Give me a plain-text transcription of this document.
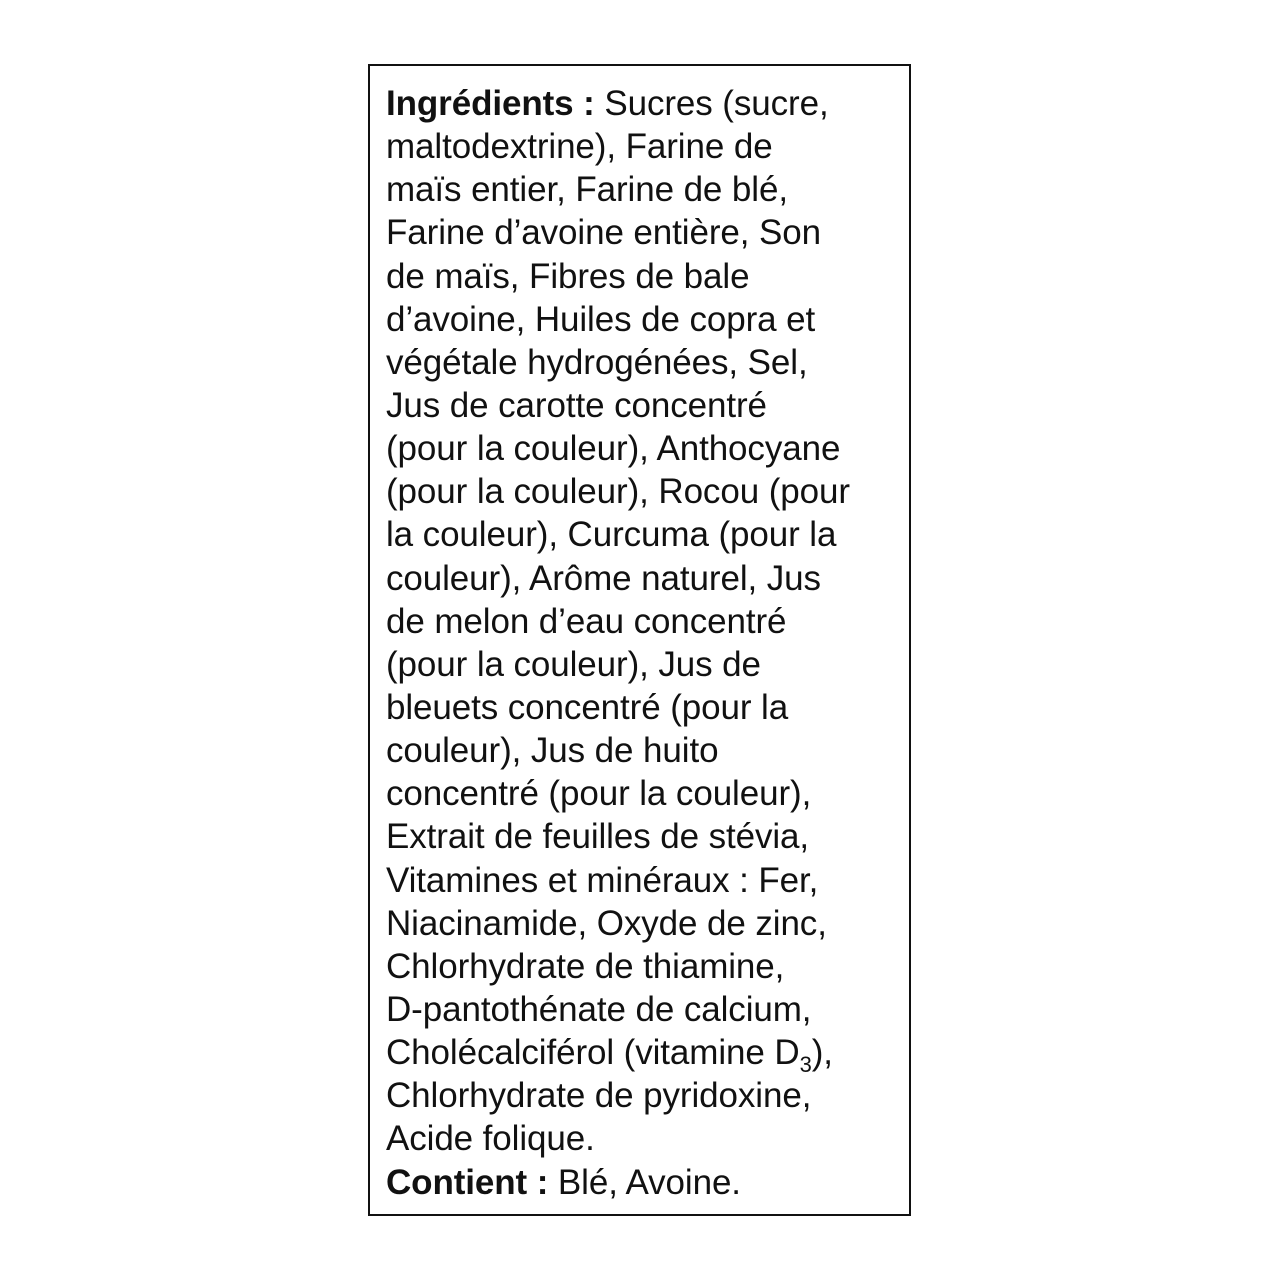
Ingrédients : Sucres (sucre,
maltodextrine), Farine de
maïs entier, Farine de blé,
Farine d’avoine entière, Son
de maïs, Fibres de bale
d’avoine, Huiles de copra et
végétale hydrogénées, Sel,
Jus de carotte concentré
(pour la couleur), Anthocyane
(pour la couleur), Rocou (pour
la couleur), Curcuma (pour la
couleur), Arôme naturel, Jus
de melon d’eau concentré
(pour la couleur), Jus de
bleuets concentré (pour la
couleur), Jus de huito
concentré (pour la couleur),
Extrait de feuilles de stévia,
Vitamines et minéraux : Fer,
Niacinamide, Oxyde de zinc,
Chlorhydrate de thiamine,
D-pantothénate de calcium,
Cholécalciférol (vitamine $D_3$),
Chlorhydrate de pyridoxine,
Acide folique.
Contient : Blé, Avoine.
